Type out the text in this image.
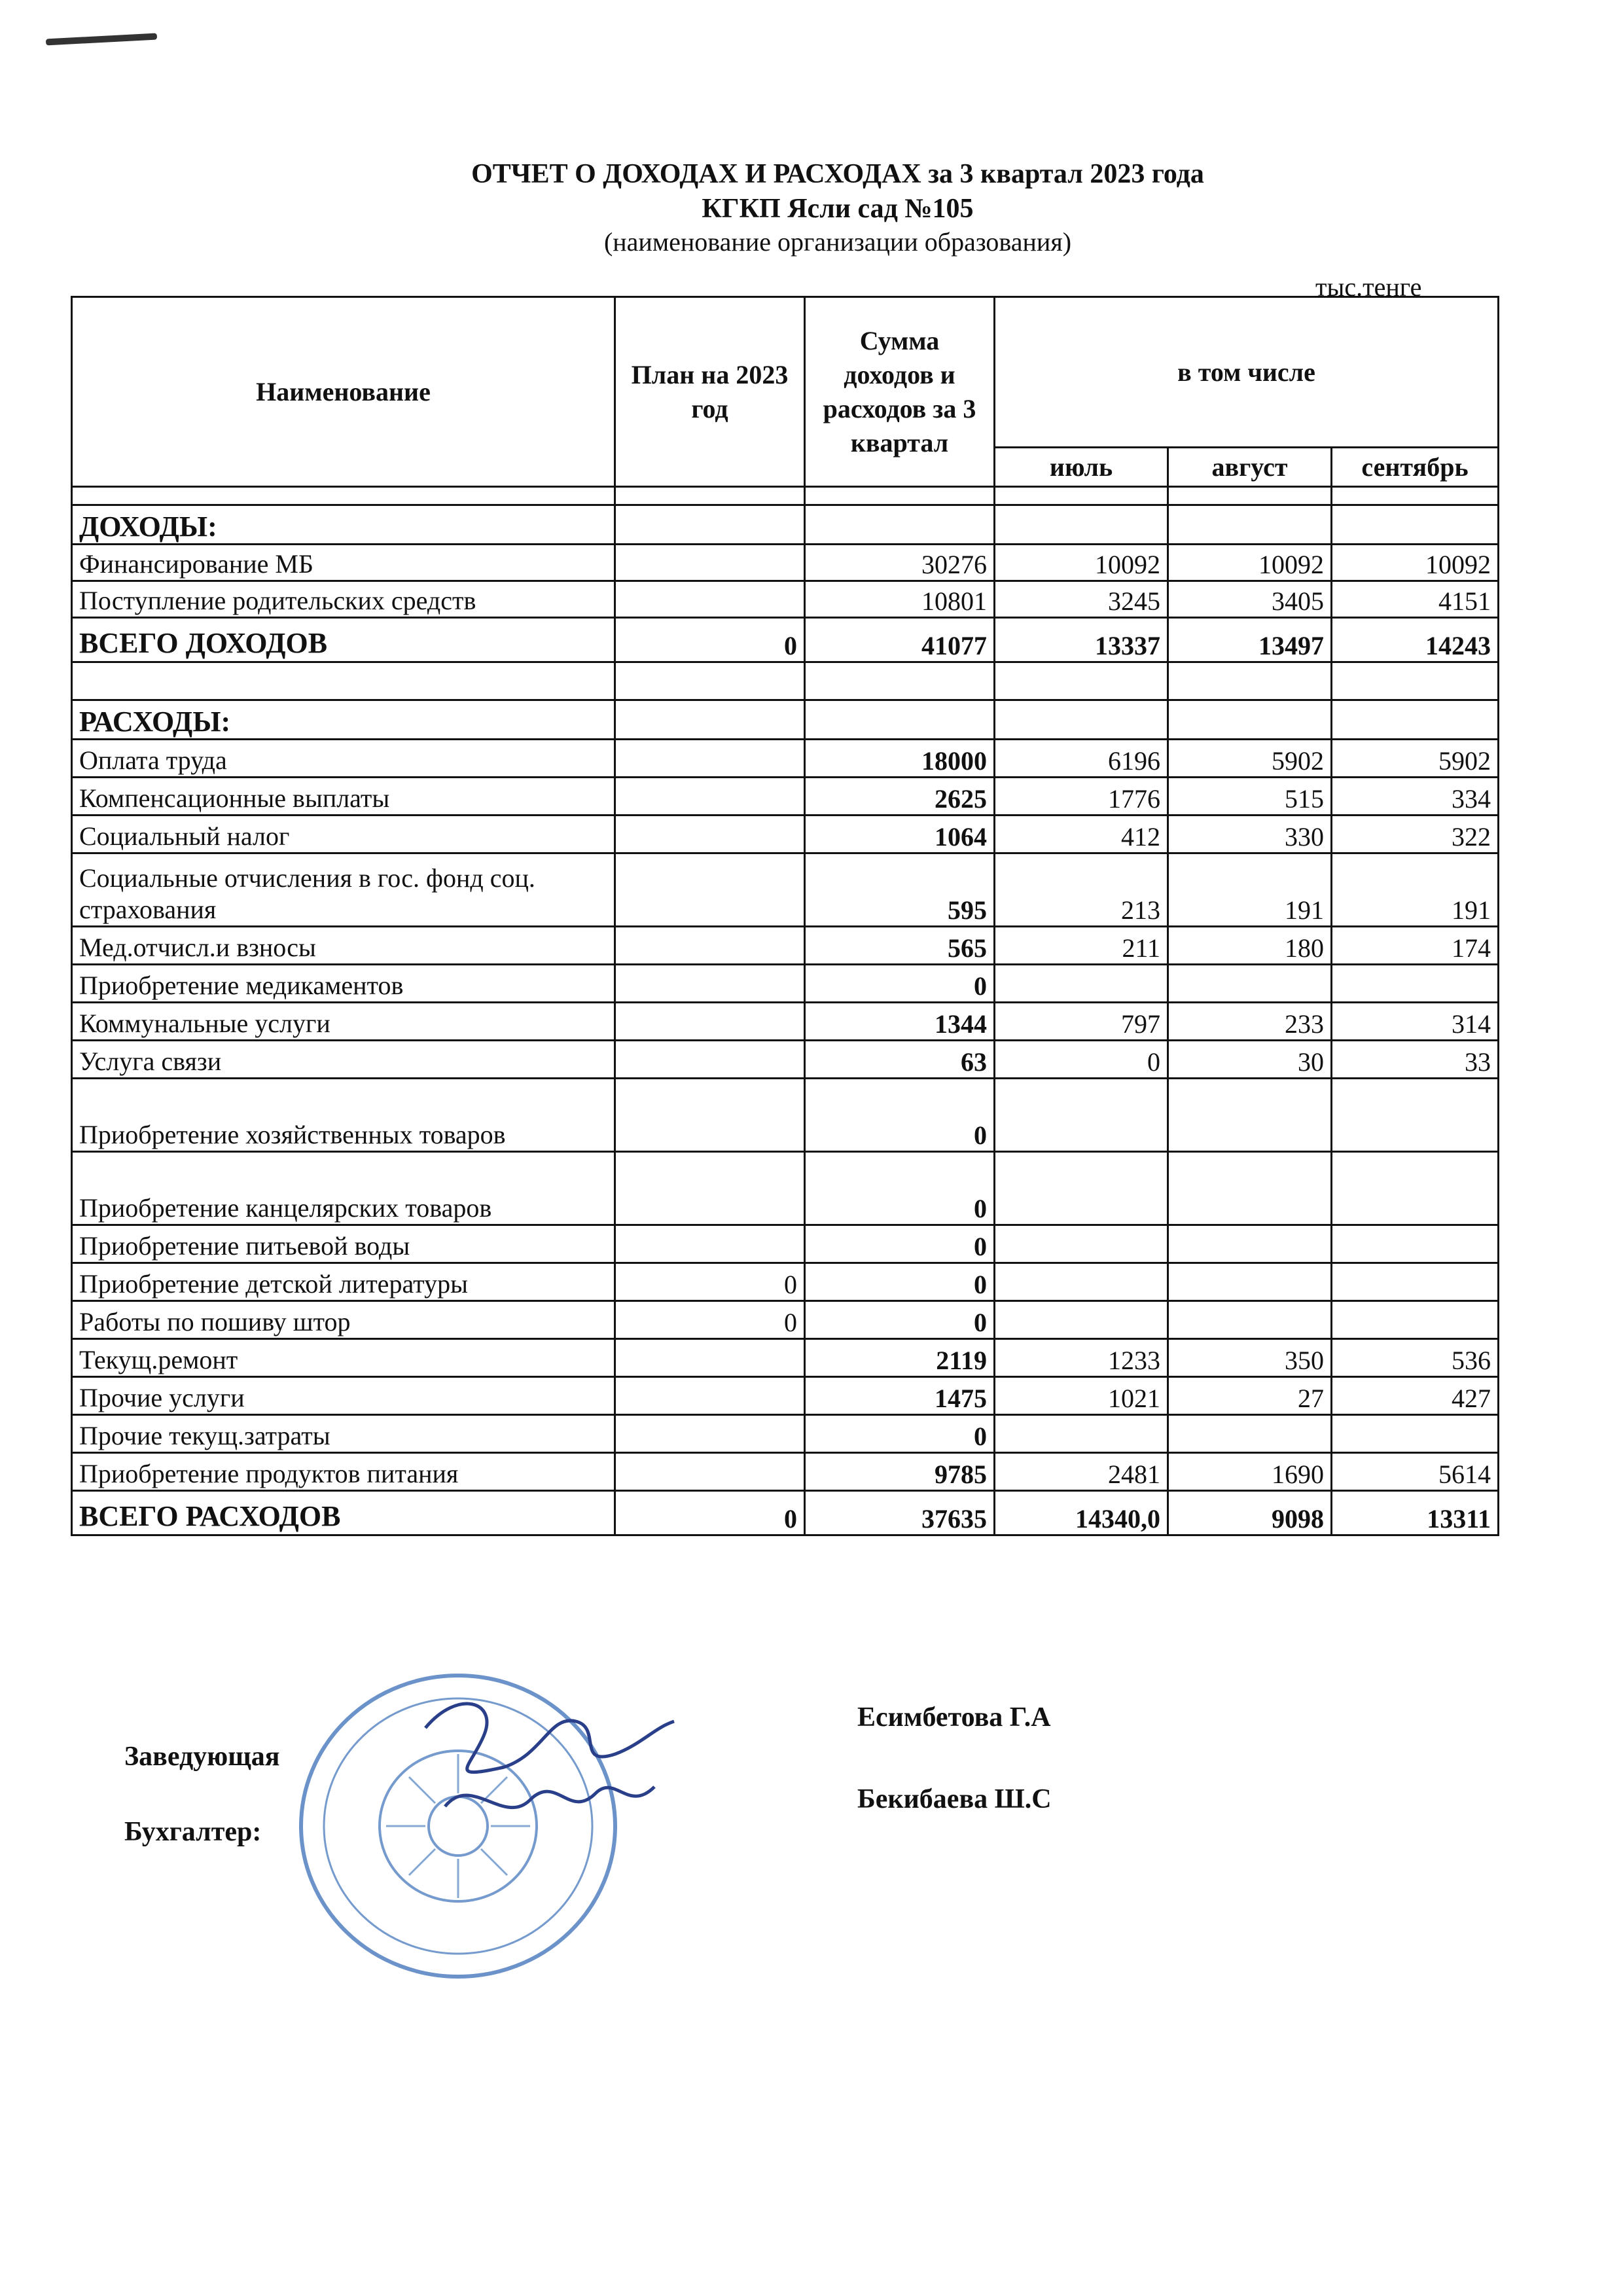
ОТЧЕТ О ДОХОДАХ И РАСХОДАХ за 3 квартал 2023 года
КГКП Ясли сад №105
(наименование организации образования)
тыс.тенге
Наименование	План на 2023 год	Сумма доходов и расходов за 3 квартал	в том числе		
			июль	август	сентябрь

ДОХОДЫ:					
Финансирование МБ		30276	10092	10092	10092
Поступление родительских средств		10801	3245	3405	4151
ВСЕГО ДОХОДОВ	0	41077	13337	13497	14243

РАСХОДЫ:					
Оплата труда		18000	6196	5902	5902
Компенсационные выплаты		2625	1776	515	334
Социальный налог		1064	412	330	322
Социальные отчисления в гос. фонд соц. страхования		595	213	191	191
Мед.отчисл.и взносы		565	211	180	174
Приобретение медикаментов		0			
Коммунальные услуги		1344	797	233	314
Услуга связи		63	0	30	33
Приобретение хозяйственных товаров		0			
Приобретение канцелярских товаров		0			
Приобретение питьевой воды		0			
Приобретение детской литературы	0	0			
Работы по пошиву штор	0	0			
Текущ.ремонт		2119	1233	350	536
Прочие услуги		1475	1021	27	427
Прочие текущ.затраты		0			
Приобретение продуктов питания		9785	2481	1690	5614
ВСЕГО РАСХОДОВ	0	37635	14340,0	9098	13311
Заведующая
Есимбетова Г.А
Бухгалтер:
Бекибаева Ш.С
